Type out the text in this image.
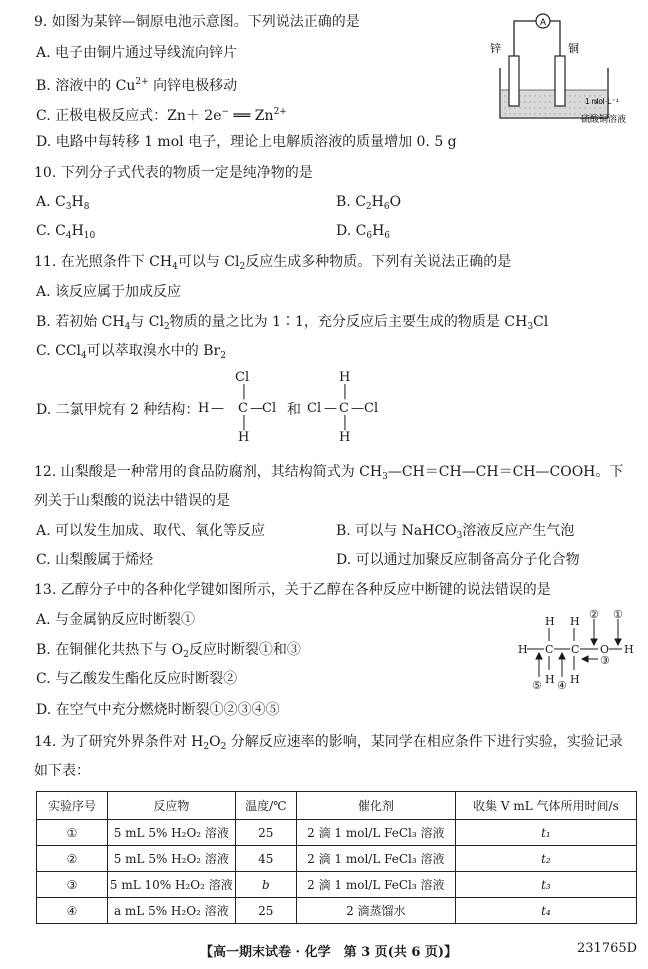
9. 如图为某锌—铜原电池示意图。下列说法正确的是
A. 电子由铜片通过导线流向锌片
B. 溶液中的 $Cu^{2+}$ 向锌电极移动
C. 正极电极反应式：Zn＋ 2e− ══ $Zn^{2+}$
D. 电路中每转移 1 mol 电子，理论上电解质溶液的质量增加 0. 5 g
A
锌	铜
1 mol·L⁻¹
硫酸铜溶液
10. 下列分子式代表的物质一定是纯净物的是
A. $C_3H_8$	B. $C_2H_6O$
C. $C_4H_{10}$	D. $C_6H_6$
11. 在光照条件下 $CH_4$可以与 $Cl_2$反应生成多种物质。下列有关说法正确的是
A. 该反应属于加成反应
B. 若初始 $CH_4$与 $Cl_2$物质的量之比为 1∶1，充分反应后主要生成的物质是 $CH_3Cl$
C. CCl$_4$可以萃取溴水中的 $Br_2$
D. 二氯甲烷有 2 种结构：
Cl
│
H — C — Cl
│
H
和
H
│
Cl — C — Cl
│
H
12. 山梨酸是一种常用的食品防腐剂，其结构简式为 $CH_3—CH=CH—CH=CH—COOH$。下
列关于山梨酸的说法中错误的是
A. 可以发生加成、取代、氧化等反应	B. 可以与 NaHCO$_3$溶液反应产生气泡
C. 山梨酸属于烯烃	D. 可以通过加聚反应制备高分子化合物
13. 乙醇分子中的各种化学键如图所示，关于乙醇在各种反应中断键的说法错误的是
A. 与金属钠反应时断裂①
B. 在铜催化共热下与 $O_2$反应时断裂①和③
C. 与乙酸发生酯化反应时断裂②
D. 在空气中充分燃烧时断裂①②③④⑤
H H
H C C O H
H H
①
②
③
④
⑤
14. 为了研究外界条件对 $H_2O_2$ 分解反应速率的影响，某同学在相应条件下进行实验，实验记录
如下表：
实验序号	反应物	温度/℃	催化剂	收集 V mL 气体所用时间/s
①	5 mL 5% H₂O₂ 溶液	25	2 滴 1 mol/L FeCl₃ 溶液	t₁
②	5 mL 5% H₂O₂ 溶液	45	2 滴 1 mol/L FeCl₃ 溶液	t₂
③	5 mL 10% H₂O₂ 溶液	b	2 滴 1 mol/L FeCl₃ 溶液	t₃
④	a mL 5% H₂O₂ 溶液	25	2 滴蒸馏水	t₄
【高一期末试卷 · 化学　第 3 页(共 6 页)】	231765D
